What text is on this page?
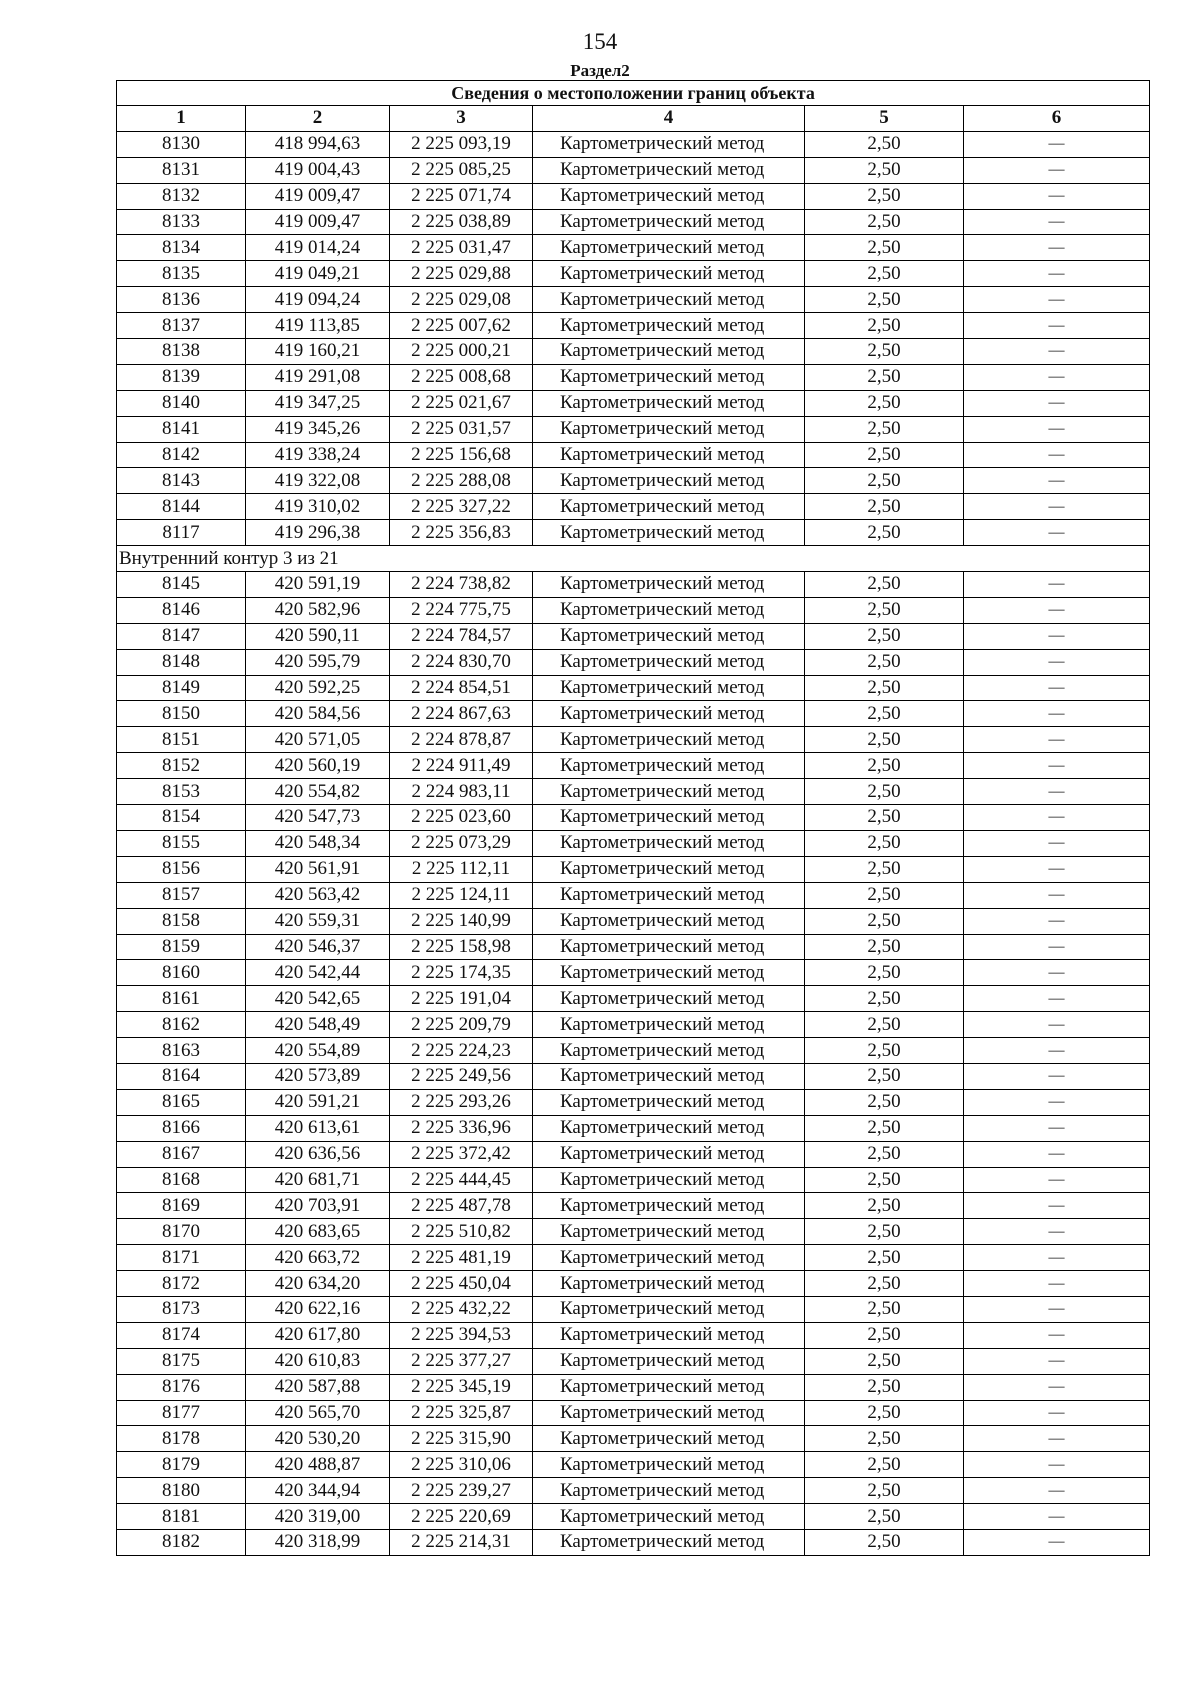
154
Раздел2
Сведения о местоположении границ объекта					
1	2	3	4	5	6
8130	418 994,63	2 225 093,19	Картометрический метод	2,50	—
8131	419 004,43	2 225 085,25	Картометрический метод	2,50	—
8132	419 009,47	2 225 071,74	Картометрический метод	2,50	—
8133	419 009,47	2 225 038,89	Картометрический метод	2,50	—
8134	419 014,24	2 225 031,47	Картометрический метод	2,50	—
8135	419 049,21	2 225 029,88	Картометрический метод	2,50	—
8136	419 094,24	2 225 029,08	Картометрический метод	2,50	—
8137	419 113,85	2 225 007,62	Картометрический метод	2,50	—
8138	419 160,21	2 225 000,21	Картометрический метод	2,50	—
8139	419 291,08	2 225 008,68	Картометрический метод	2,50	—
8140	419 347,25	2 225 021,67	Картометрический метод	2,50	—
8141	419 345,26	2 225 031,57	Картометрический метод	2,50	—
8142	419 338,24	2 225 156,68	Картометрический метод	2,50	—
8143	419 322,08	2 225 288,08	Картометрический метод	2,50	—
8144	419 310,02	2 225 327,22	Картометрический метод	2,50	—
8117	419 296,38	2 225 356,83	Картометрический метод	2,50	—
Внутренний контур 3 из 21					
8145	420 591,19	2 224 738,82	Картометрический метод	2,50	—
8146	420 582,96	2 224 775,75	Картометрический метод	2,50	—
8147	420 590,11	2 224 784,57	Картометрический метод	2,50	—
8148	420 595,79	2 224 830,70	Картометрический метод	2,50	—
8149	420 592,25	2 224 854,51	Картометрический метод	2,50	—
8150	420 584,56	2 224 867,63	Картометрический метод	2,50	—
8151	420 571,05	2 224 878,87	Картометрический метод	2,50	—
8152	420 560,19	2 224 911,49	Картометрический метод	2,50	—
8153	420 554,82	2 224 983,11	Картометрический метод	2,50	—
8154	420 547,73	2 225 023,60	Картометрический метод	2,50	—
8155	420 548,34	2 225 073,29	Картометрический метод	2,50	—
8156	420 561,91	2 225 112,11	Картометрический метод	2,50	—
8157	420 563,42	2 225 124,11	Картометрический метод	2,50	—
8158	420 559,31	2 225 140,99	Картометрический метод	2,50	—
8159	420 546,37	2 225 158,98	Картометрический метод	2,50	—
8160	420 542,44	2 225 174,35	Картометрический метод	2,50	—
8161	420 542,65	2 225 191,04	Картометрический метод	2,50	—
8162	420 548,49	2 225 209,79	Картометрический метод	2,50	—
8163	420 554,89	2 225 224,23	Картометрический метод	2,50	—
8164	420 573,89	2 225 249,56	Картометрический метод	2,50	—
8165	420 591,21	2 225 293,26	Картометрический метод	2,50	—
8166	420 613,61	2 225 336,96	Картометрический метод	2,50	—
8167	420 636,56	2 225 372,42	Картометрический метод	2,50	—
8168	420 681,71	2 225 444,45	Картометрический метод	2,50	—
8169	420 703,91	2 225 487,78	Картометрический метод	2,50	—
8170	420 683,65	2 225 510,82	Картометрический метод	2,50	—
8171	420 663,72	2 225 481,19	Картометрический метод	2,50	—
8172	420 634,20	2 225 450,04	Картометрический метод	2,50	—
8173	420 622,16	2 225 432,22	Картометрический метод	2,50	—
8174	420 617,80	2 225 394,53	Картометрический метод	2,50	—
8175	420 610,83	2 225 377,27	Картометрический метод	2,50	—
8176	420 587,88	2 225 345,19	Картометрический метод	2,50	—
8177	420 565,70	2 225 325,87	Картометрический метод	2,50	—
8178	420 530,20	2 225 315,90	Картометрический метод	2,50	—
8179	420 488,87	2 225 310,06	Картометрический метод	2,50	—
8180	420 344,94	2 225 239,27	Картометрический метод	2,50	—
8181	420 319,00	2 225 220,69	Картометрический метод	2,50	—
8182	420 318,99	2 225 214,31	Картометрический метод	2,50	—
